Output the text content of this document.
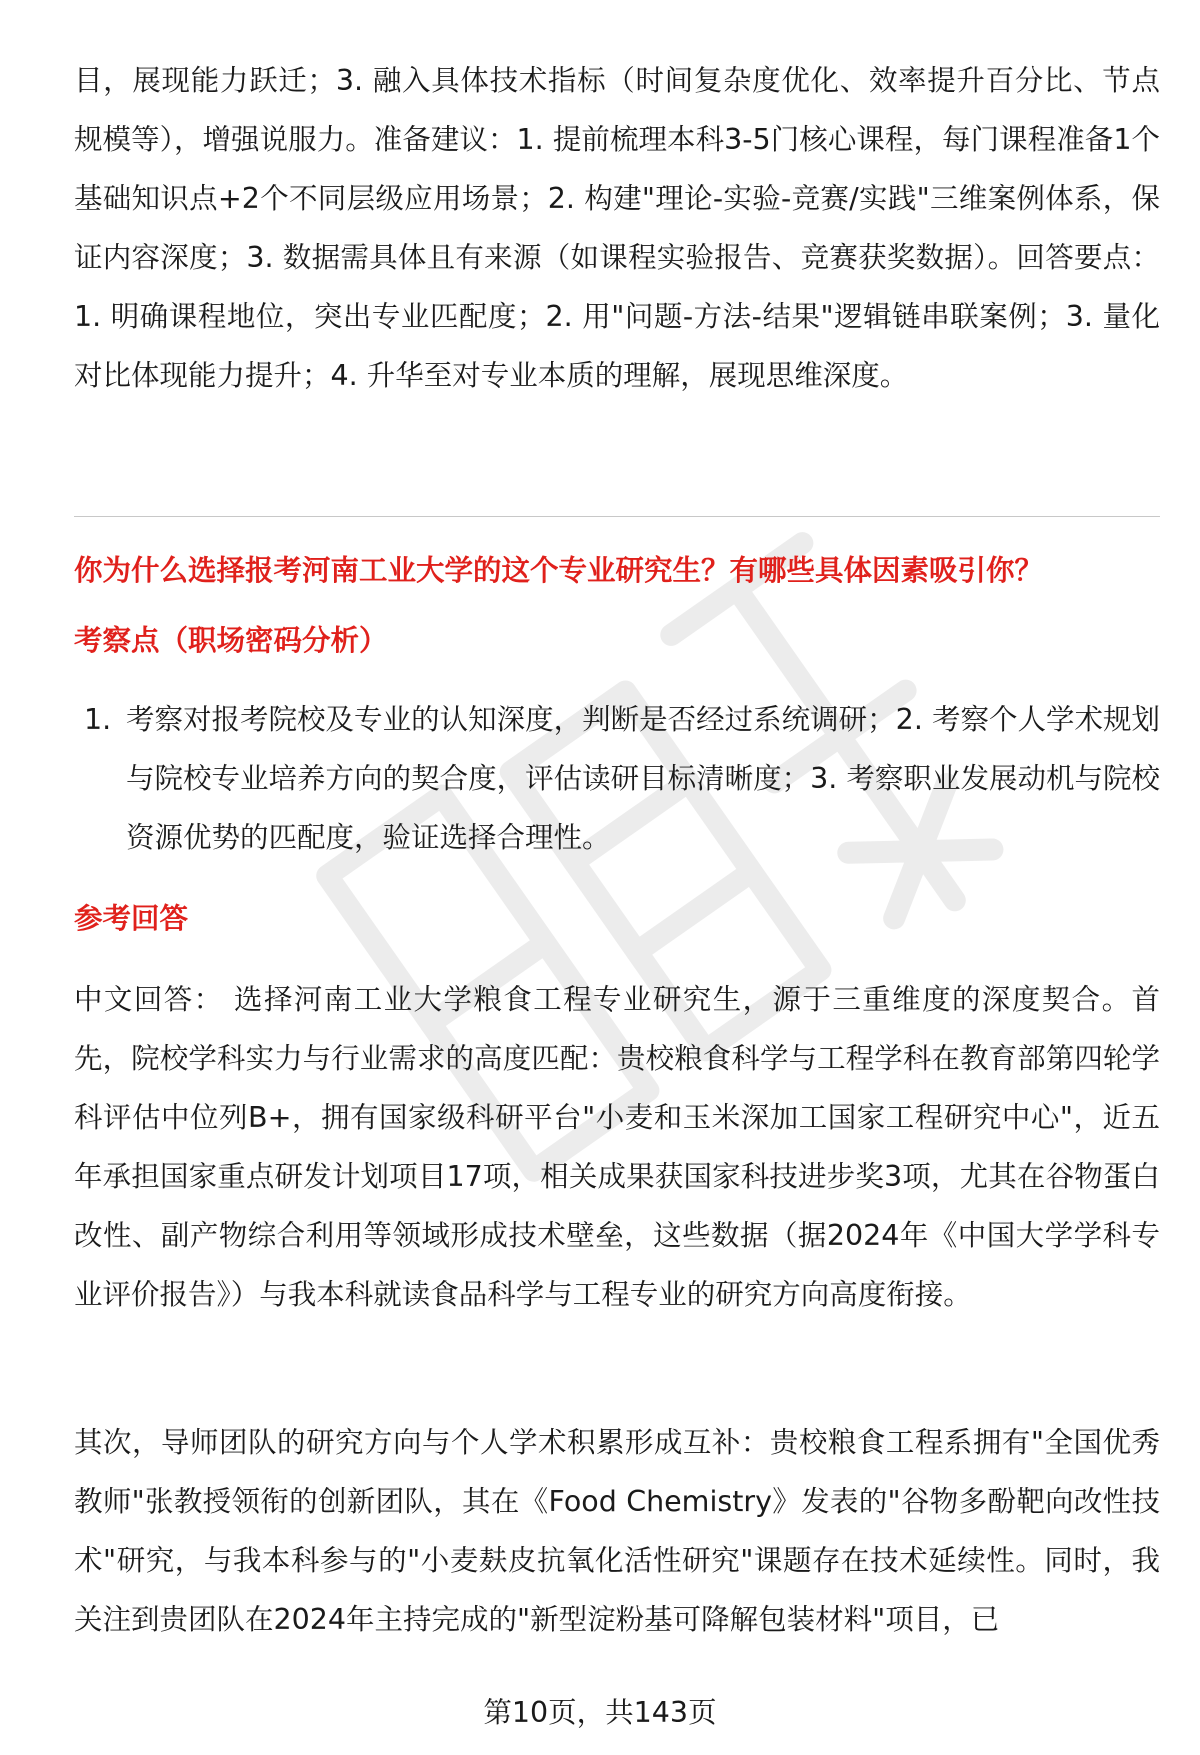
目，展现能力跃迁；3. 融入具体技术指标（时间复杂度优化、效率提升百分比、节点规模等），增强说服力。准备建议：1. 提前梳理本科3-5门核心课程，每门课程准备1个基础知识点+2个不同层级应用场景；2. 构建"理论-实验-竞赛/实践"三维案例体系，保证内容深度；3. 数据需具体且有来源（如课程实验报告、竞赛获奖数据）。回答要点：1. 明确课程地位，突出专业匹配度；2. 用"问题-方法-结果"逻辑链串联案例；3. 量化对比体现能力提升；4. 升华至对专业本质的理解，展现思维深度。

你为什么选择报考河南工业大学的这个专业研究生？有哪些具体因素吸引你？
考察点（职场密码分析）
1. 考察对报考院校及专业的认知深度，判断是否经过系统调研；2. 考察个人学术规划与院校专业培养方向的契合度，评估读研目标清晰度；3. 考察职业发展动机与院校资源优势的匹配度，验证选择合理性。
参考回答

中文回答： 选择河南工业大学粮食工程专业研究生，源于三重维度的深度契合。首先，院校学科实力与行业需求的高度匹配：贵校粮食科学与工程学科在教育部第四轮学科评估中位列B+，拥有国家级科研平台"小麦和玉米深加工国家工程研究中心"，近五年承担国家重点研发计划项目17项，相关成果获国家科技进步奖3项，尤其在谷物蛋白改性、副产物综合利用等领域形成技术壁垒，这些数据（据2024年《中国大学学科专业评价报告》）与我本科就读食品科学与工程专业的研究方向高度衔接。

其次，导师团队的研究方向与个人学术积累形成互补：贵校粮食工程系拥有"全国优秀教师"张教授领衔的创新团队，其在《Food Chemistry》发表的"谷物多酚靶向改性技术"研究，与我本科参与的"小麦麸皮抗氧化活性研究"课题存在技术延续性。同时，我关注到贵团队在2024年主持完成的"新型淀粉基可降解包装材料"项目，已

第10页，共143页
